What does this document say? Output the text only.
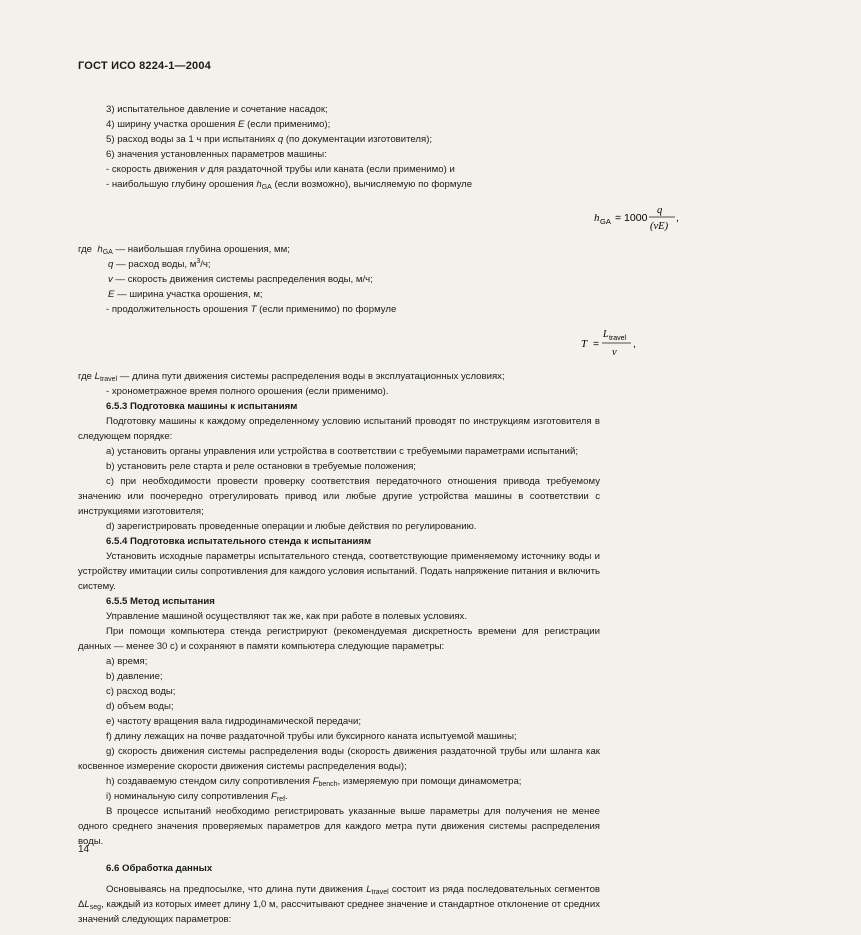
ГОСТ ИСО 8224-1—2004

3) испытательное давление и сочетание насадок;

4) ширину участка орошения E (если применимо);

5) расход воды за 1 ч при испытаниях q (по документации изготовителя);

6) значения установленных параметров машины:

- скорость движения v для раздаточной трубы или каната (если применимо) и

- наибольшую глубину орошения $h_{GA}$ (если возможно), вычисляемую по формуле

h GA = 1000
q
(vE)
,

где  $h_{GA}$ — наибольшая глубина орошения, мм;

q — расход воды, $м^3/ч$;

v — скорость движения системы распределения воды, м/ч;

E — ширина участка орошения, м;

- продолжительность орошения T (если применимо) по формуле

T =
L travel
v
,

где $L_{travel}$ — длина пути движения системы распределения воды в эксплуатационных условиях;

- хронометражное время полного орошения (если применимо).

6.5.3 Подготовка машины к испытаниям

Подготовку машины к каждому определенному условию испытаний проводят по инструкциям изготовителя в следующем порядке:

a) установить органы управления или устройства в соответствии с требуемыми параметрами испытаний;

b) установить реле старта и реле остановки в требуемые положения;

c) при необходимости провести проверку соответствия передаточного отношения привода требуемому значению или поочередно отрегулировать привод или любые другие устройства машины в соответствии с инструкциями изготовителя;

d) зарегистрировать проведенные операции и любые действия по регулированию.

6.5.4 Подготовка испытательного стенда к испытаниям

Установить исходные параметры испытательного стенда, соответствующие применяемому источнику воды и устройству имитации силы сопротивления для каждого условия испытаний. Подать напряжение питания и включить систему.

6.5.5 Метод испытания

Управление машиной осуществляют так же, как при работе в полевых условиях.

При помощи компьютера стенда регистрируют (рекомендуемая дискретность времени для регистрации данных — менее 30 с) и сохраняют в памяти компьютера следующие параметры:

a) время;

b) давление;

c) расход воды;

d) объем воды;

e) частоту вращения вала гидродинамической передачи;

f) длину лежащих на почве раздаточной трубы или буксирного каната испытуемой машины;

g) скорость движения системы распределения воды (скорость движения раздаточной трубы или шланга как косвенное измерение скорости движения системы распределения воды);

h) создаваемую стендом силу сопротивления $F_{bench}$, измеряемую при помощи динамометра;

i) номинальную силу сопротивления $F_{ref}$.

В процессе испытаний необходимо регистрировать указанные выше параметры для получения не менее одного среднего значения проверяемых параметров для каждого метра пути движения системы распределения воды.

6.6 Обработка данных

Основываясь на предпосылке, что длина пути движения $L_{travel}$ состоит из ряда последовательных сегментов $\Delta L_{seg}$, каждый из которых имеет длину 1,0 м, рассчитывают среднее значение и стандартное отклонение от средних значений следующих параметров:

14
